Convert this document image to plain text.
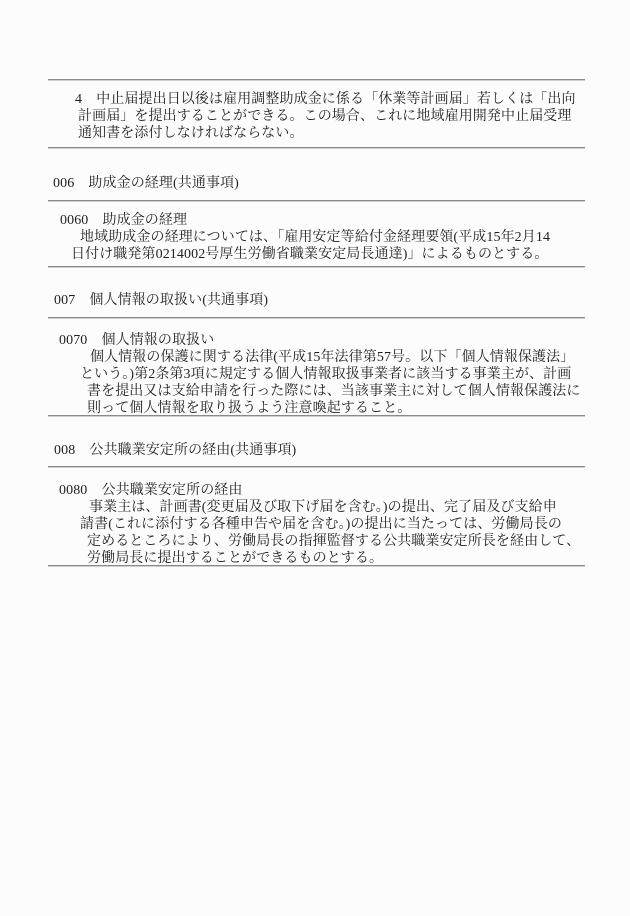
4　中止届提出日以後は雇用調整助成金に係る「休業等計画届」若しくは「出向
計画届」を提出することができる。この場合、これに地域雇用開発中止届受理
通知書を添付しなければならない。
006　助成金の経理(共通事項)
0060　助成金の経理
地域助成金の経理については、「雇用安定等給付金経理要領(平成15年2月14
日付け職発第0214002号厚生労働省職業安定局長通達)」によるものとする。
007　個人情報の取扱い(共通事項)
0070　個人情報の取扱い
個人情報の保護に関する法律(平成15年法律第57号。以下「個人情報保護法」
という。)第2条第3項に規定する個人情報取扱事業者に該当する事業主が、計画
書を提出又は支給申請を行った際には、当該事業主に対して個人情報保護法に
則って個人情報を取り扱うよう注意喚起すること。
008　公共職業安定所の経由(共通事項)
0080　公共職業安定所の経由
事業主は、計画書(変更届及び取下げ届を含む。)の提出、完了届及び支給申
請書(これに添付する各種申告や届を含む。)の提出に当たっては、労働局長の
定めるところにより、労働局長の指揮監督する公共職業安定所長を経由して、
労働局長に提出することができるものとする。
